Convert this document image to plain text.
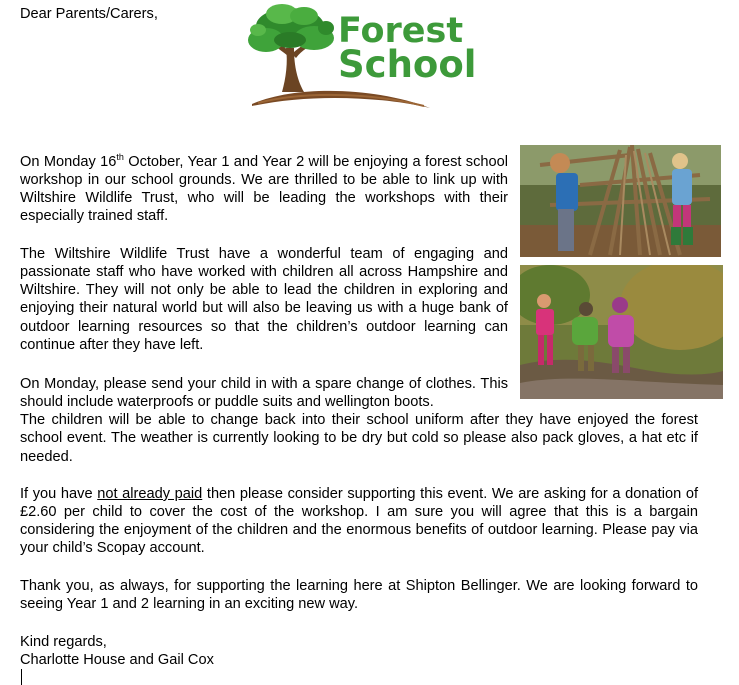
Dear Parents/Carers,	Forest
School

On Monday 16th October, Year 1 and Year 2 will be enjoying a forest school workshop in our school grounds. We are thrilled to be able to link up with Wiltshire Wildlife Trust, who will be leading the workshops with their especially trained staff.

The Wiltshire Wildlife Trust have a wonderful team of engaging and passionate staff who have worked with children all across Hampshire and Wiltshire. They will not only be able to lead the children in exploring and enjoying their natural world but will also be leaving us with a huge bank of outdoor learning resources so that the children’s outdoor learning can continue after they have left.

On Monday, please send your child in with a spare change of clothes. This should include waterproofs or puddle suits and wellington boots.
The children will be able to change back into their school uniform after they have enjoyed the forest school event. The weather is currently looking to be dry but cold so please also pack gloves, a hat etc if needed.

If you have not already paid then please consider supporting this event. We are asking for a donation of £2.60 per child to cover the cost of the workshop. I am sure you will agree that this is a bargain considering the enjoyment of the children and the enormous benefits of outdoor learning. Please pay via your child’s Scopay account.

Thank you, as always, for supporting the learning here at Shipton Bellinger. We are looking forward to seeing Year 1 and 2 learning in an exciting new way.

Kind regards,
Charlotte House and Gail Cox
